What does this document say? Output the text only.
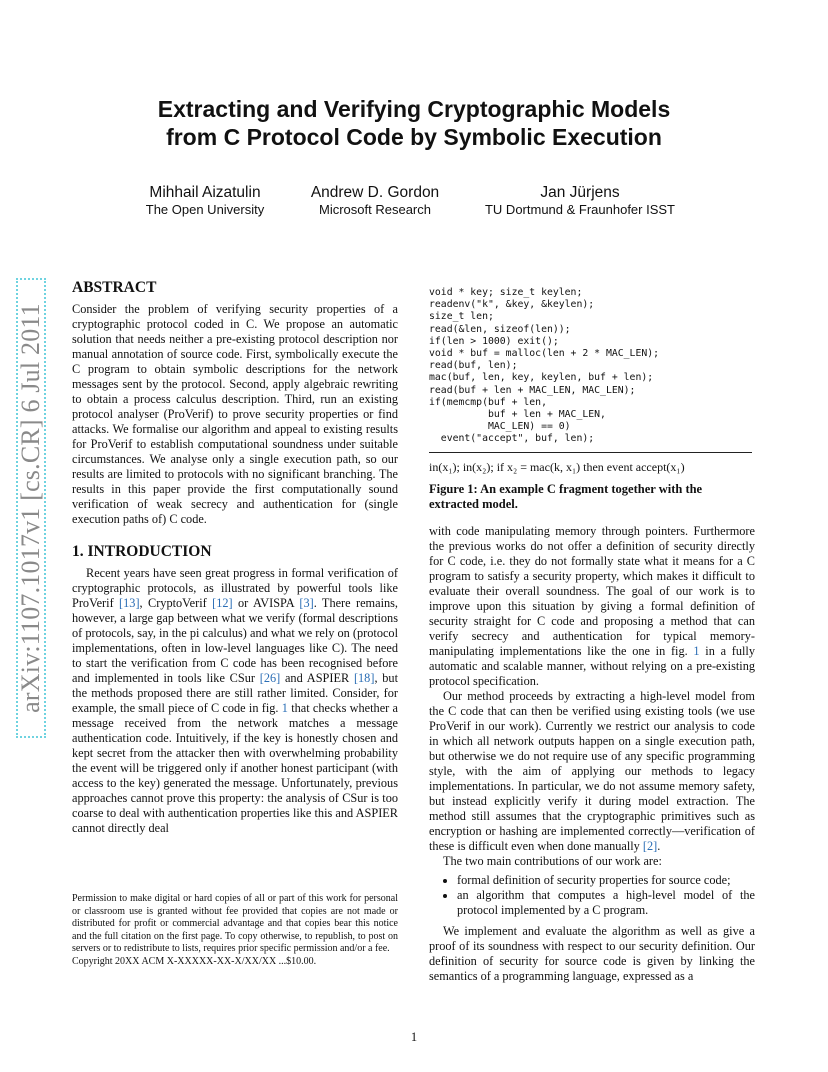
Extracting and Verifying Cryptographic Models
from C Protocol Code by Symbolic Execution
Mihhail Aizatulin
The Open University
Andrew D. Gordon
Microsoft Research
Jan Jürjens
TU Dortmund & Fraunhofer ISST
arXiv:1107.1017v1 [cs.CR] 6 Jul 2011

ABSTRACT

Consider the problem of verifying security properties of a cryptographic protocol coded in C. We propose an automatic solution that needs neither a pre-existing protocol description nor manual annotation of source code. First, symbolically execute the C program to obtain symbolic descriptions for the network messages sent by the protocol. Second, apply algebraic rewriting to obtain a process calculus description. Third, run an existing protocol analyser (ProVerif) to prove security properties or find attacks. We formalise our algorithm and appeal to existing results for ProVerif to establish computational soundness under suitable circumstances. We analyse only a single execution path, so our results are limited to protocols with no significant branching. The results in this paper provide the first computationally sound verification of weak secrecy and authentication for (single execution paths of) C code.

1. INTRODUCTION

Recent years have seen great progress in formal verification of cryptographic protocols, as illustrated by powerful tools like ProVerif [13], CryptoVerif [12] or AVISPA [3]. There remains, however, a large gap between what we verify (formal descriptions of protocols, say, in the pi calculus) and what we rely on (protocol implementations, often in low-level languages like C). The need to start the verification from C code has been recognised before and implemented in tools like CSur [26] and ASPIER [18], but the methods proposed there are still rather limited. Consider, for example, the small piece of C code in fig. 1 that checks whether a message received from the network matches a message authentication code. Intuitively, if the key is honestly chosen and kept secret from the attacker then with overwhelming probability the event will be triggered only if another honest participant (with access to the key) generated the message. Unfortunately, previous approaches cannot prove this property: the analysis of CSur is too coarse to deal with authentication properties like this and ASPIER cannot directly deal

void * key; size_t keylen;
readenv("k", &key, &keylen);
size_t len;
read(&len, sizeof(len));
if(len > 1000) exit();
void * buf = malloc(len + 2 * MAC_LEN);
read(buf, len);
mac(buf, len, key, keylen, buf + len);
read(buf + len + MAC_LEN, MAC_LEN);
if(memcmp(buf + len,
buf + len + MAC_LEN,
MAC_LEN) == 0)
event("accept", buf, len);
in(x₁); in(x₂); if x₂ = mac(k, x₁) then event accept(x₁)
Figure 1: An example C fragment together with the extracted model.

with code manipulating memory through pointers. Furthermore the previous works do not offer a definition of security directly for C code, i.e. they do not formally state what it means for a C program to satisfy a security property, which makes it difficult to evaluate their overall soundness. The goal of our work is to improve upon this situation by giving a formal definition of security straight for C code and proposing a method that can verify secrecy and authentication for typical memory-manipulating implementations like the one in fig. 1 in a fully automatic and scalable manner, without relying on a pre-existing protocol specification.

Our method proceeds by extracting a high-level model from the C code that can then be verified using existing tools (we use ProVerif in our work). Currently we restrict our analysis to code in which all network outputs happen on a single execution path, but otherwise we do not require use of any specific programming style, with the aim of applying our methods to legacy implementations. In particular, we do not assume memory safety, but instead explicitly verify it during model extraction. The method still assumes that the cryptographic primitives such as encryption or hashing are implemented correctly—verification of these is difficult even when done manually [2].

The two main contributions of our work are:

• formal definition of security properties for source code;
• an algorithm that computes a high-level model of the protocol implemented by a C program.

We implement and evaluate the algorithm as well as give a proof of its soundness with respect to our security definition. Our definition of security for source code is given by linking the semantics of a programming language, expressed as a

Permission to make digital or hard copies of all or part of this work for personal or classroom use is granted without fee provided that copies are not made or distributed for profit or commercial advantage and that copies bear this notice and the full citation on the first page. To copy otherwise, to republish, to post on servers or to redistribute to lists, requires prior specific permission and/or a fee.
Copyright 20XX ACM X-XXXXX-XX-X/XX/XX ...$10.00.
1
